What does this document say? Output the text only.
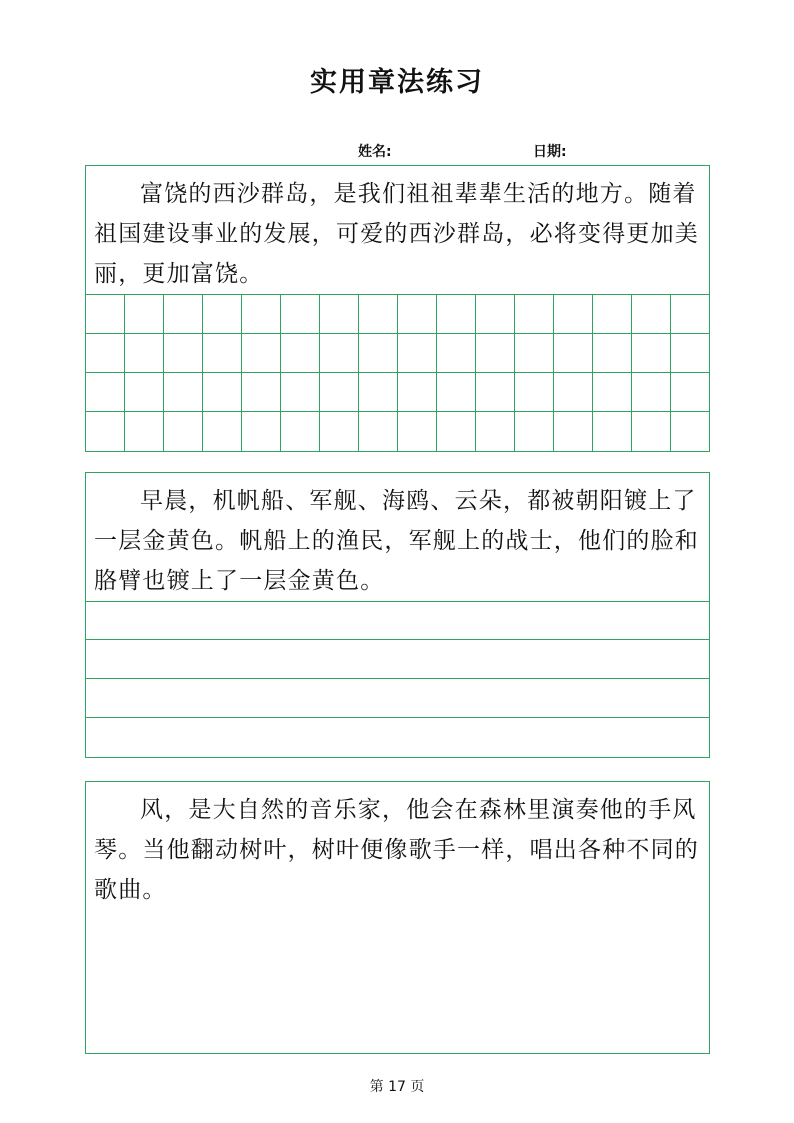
实用章法练习
姓名:	日期:

富饶的西沙群岛，是我们祖祖辈辈生活的地方。随着祖国建设事业的发展，可爱的西沙群岛，必将变得更加美丽，更加富饶。

早晨，机帆船、军舰、海鸥、云朵，都被朝阳镀上了一层金黄色。帆船上的渔民，军舰上的战士，他们的脸和胳臂也镀上了一层金黄色。

风，是大自然的音乐家，他会在森林里演奏他的手风琴。当他翻动树叶，树叶便像歌手一样，唱出各种不同的歌曲。

第 17 页
